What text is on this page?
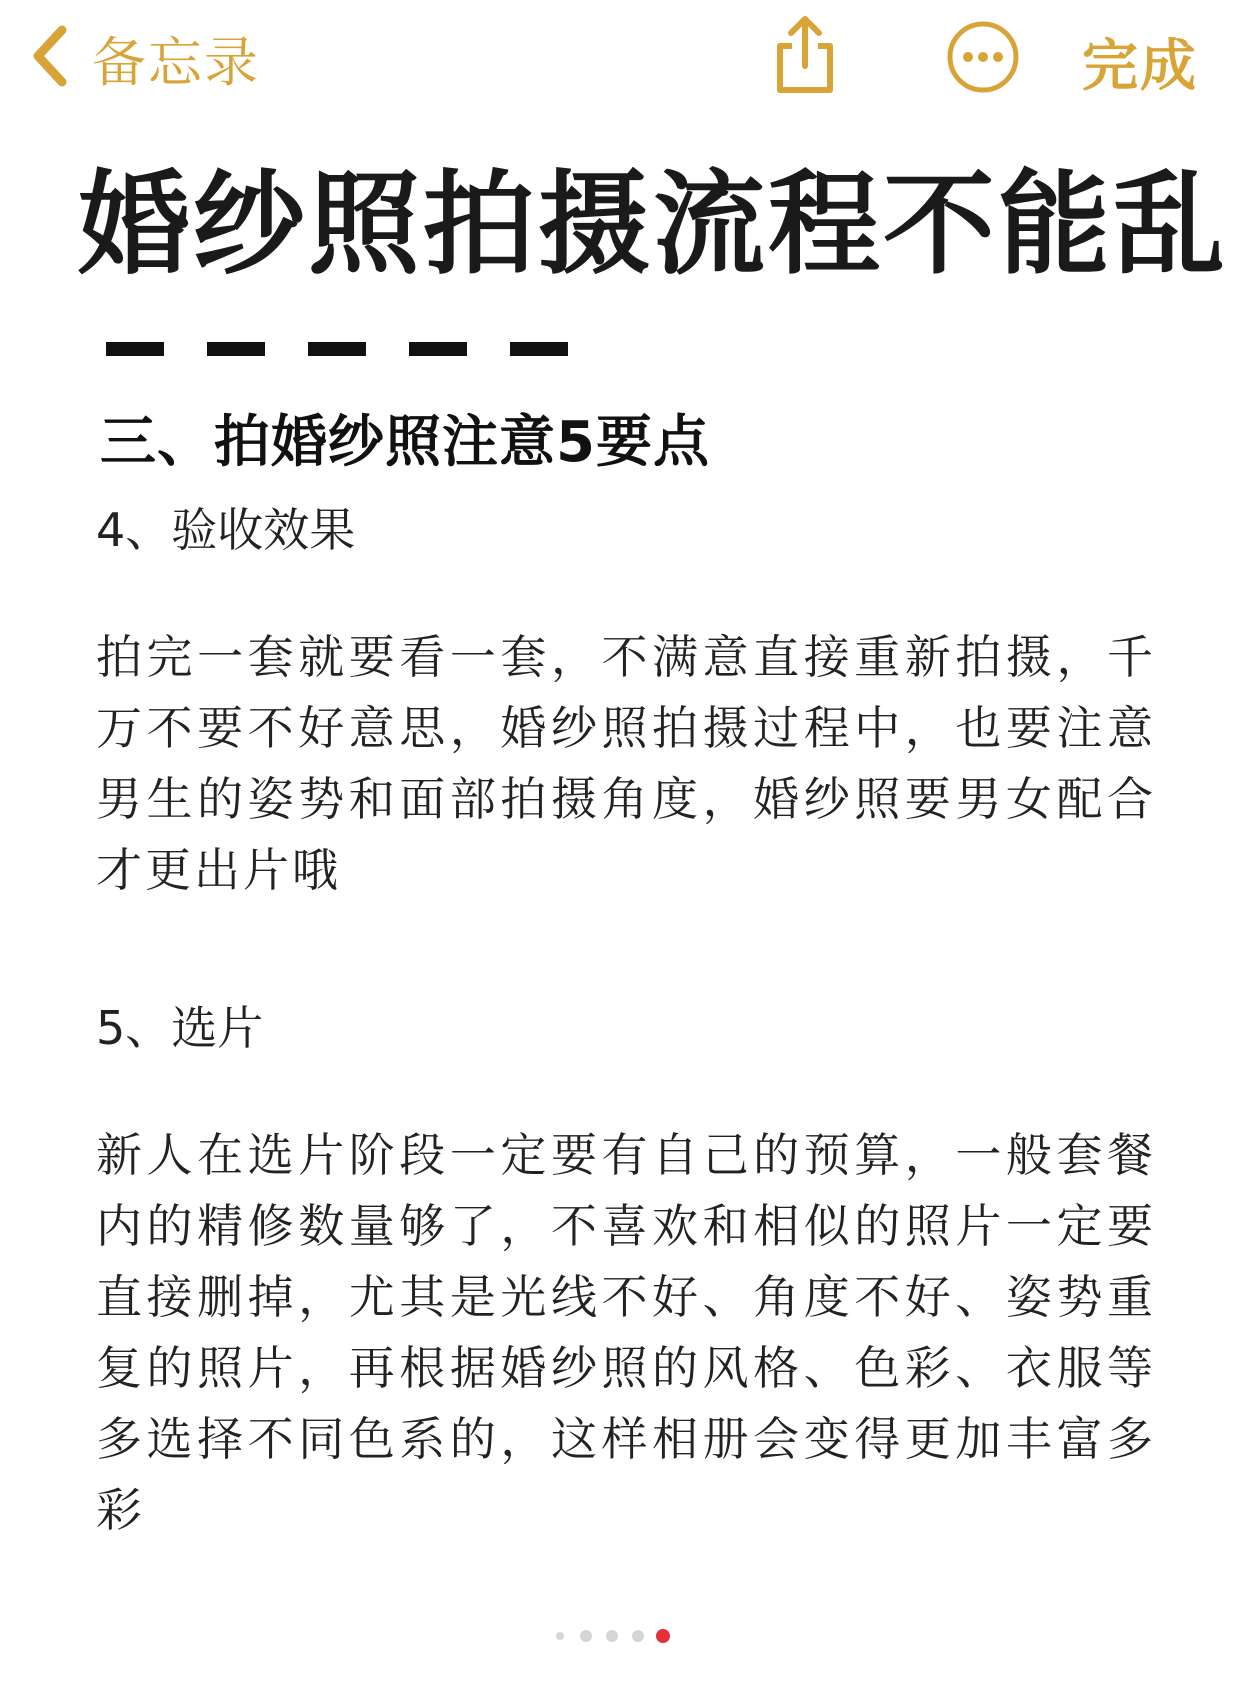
备忘录	完成
婚纱照拍摄流程不能乱
三、拍婚纱照注意5要点
4、验收效果
拍完一套就要看一套，不满意直接重新拍摄，千万不要不好意思，婚纱照拍摄过程中，也要注意男生的姿势和面部拍摄角度，婚纱照要男女配合才更出片哦
5、选片
新人在选片阶段一定要有自己的预算，一般套餐内的精修数量够了，不喜欢和相似的照片一定要直接删掉，尤其是光线不好、角度不好、姿势重复的照片，再根据婚纱照的风格、色彩、衣服等多选择不同色系的，这样相册会变得更加丰富多彩
